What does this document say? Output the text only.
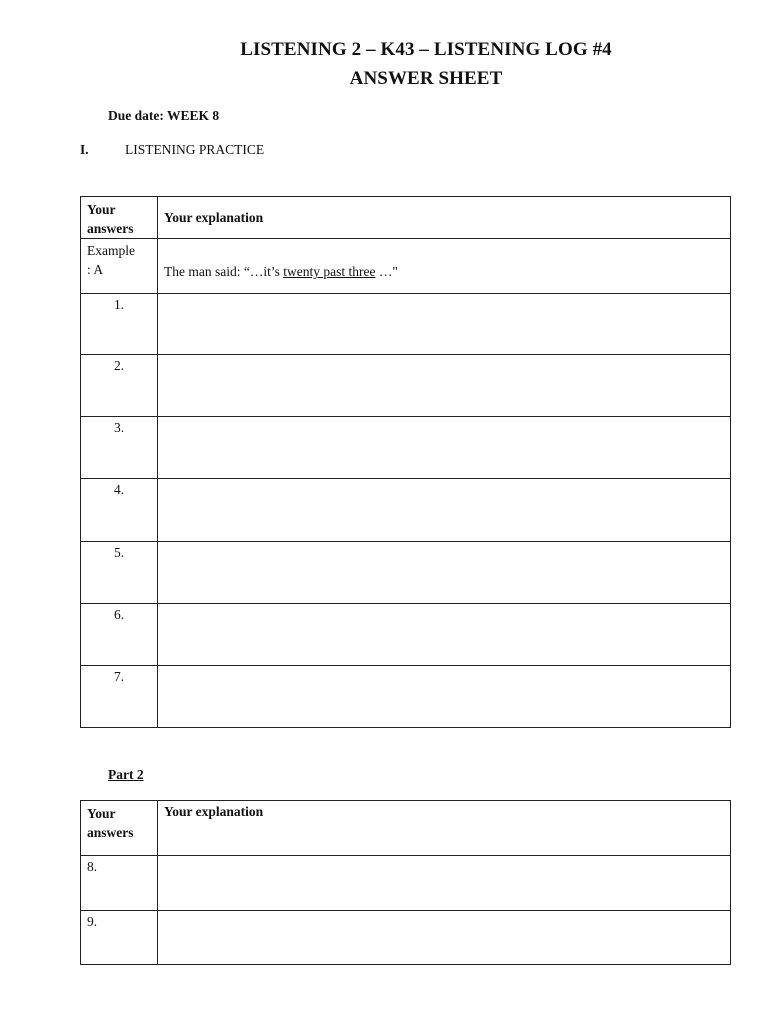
LISTENING 2 – K43 – LISTENING LOG #4
ANSWER SHEET
Due date: WEEK 8
I.	LISTENING PRACTICE
Your
answers	Your explanation

Example
: A	The man said: “…it’s twenty past three …"
1.	
2.	
3.	
4.	
5.	
6.	
7.	
Part 2
Your
answers	Your explanation
8.	
9.	
